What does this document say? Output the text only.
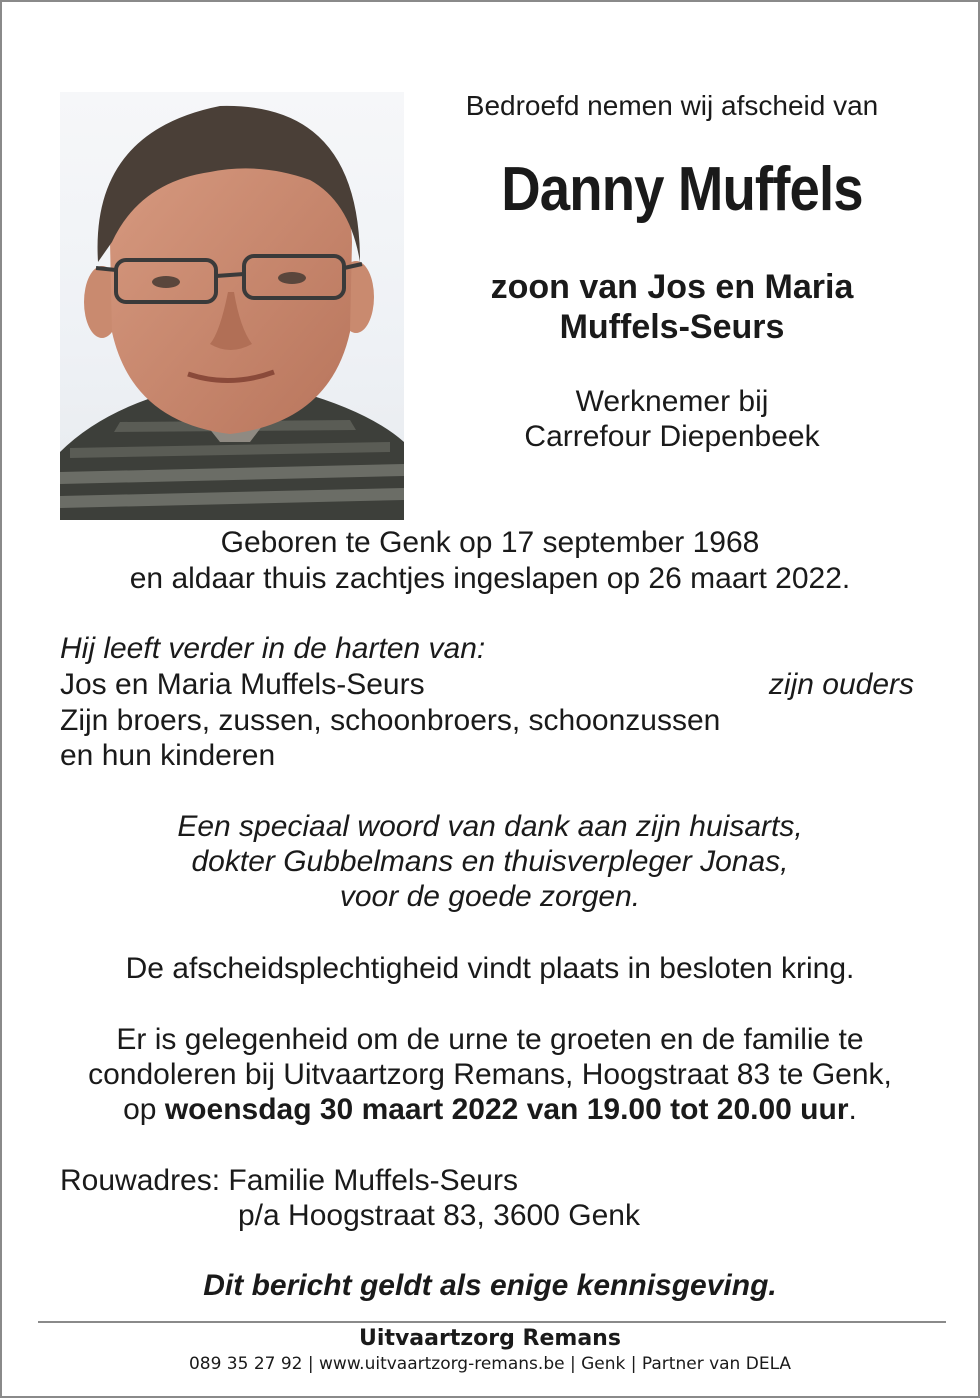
Bedroefd nemen wij afscheid van
Danny Muffels
zoon van Jos en Maria
Muffels-Seurs
Werknemer bij
Carrefour Diepenbeek
Geboren te Genk op 17 september 1968
en aldaar thuis zachtjes ingeslapen op 26 maart 2022.
Hij leeft verder in de harten van:
Jos en Maria Muffels-Seurs	zijn ouders
Zijn broers, zussen, schoonbroers, schoonzussen
en hun kinderen
Een speciaal woord van dank aan zijn huisarts,
dokter Gubbelmans en thuisverpleger Jonas,
voor de goede zorgen.
De afscheidsplechtigheid vindt plaats in besloten kring.
Er is gelegenheid om de urne te groeten en de familie te
condoleren bij Uitvaartzorg Remans, Hoogstraat 83 te Genk,
op woensdag 30 maart 2022 van 19.00 tot 20.00 uur.
Rouwadres: Familie Muffels-Seurs
p/a Hoogstraat 83, 3600 Genk
Dit bericht geldt als enige kennisgeving.
Uitvaartzorg Remans
089 35 27 92 | www.uitvaartzorg-remans.be | Genk | Partner van DELA
